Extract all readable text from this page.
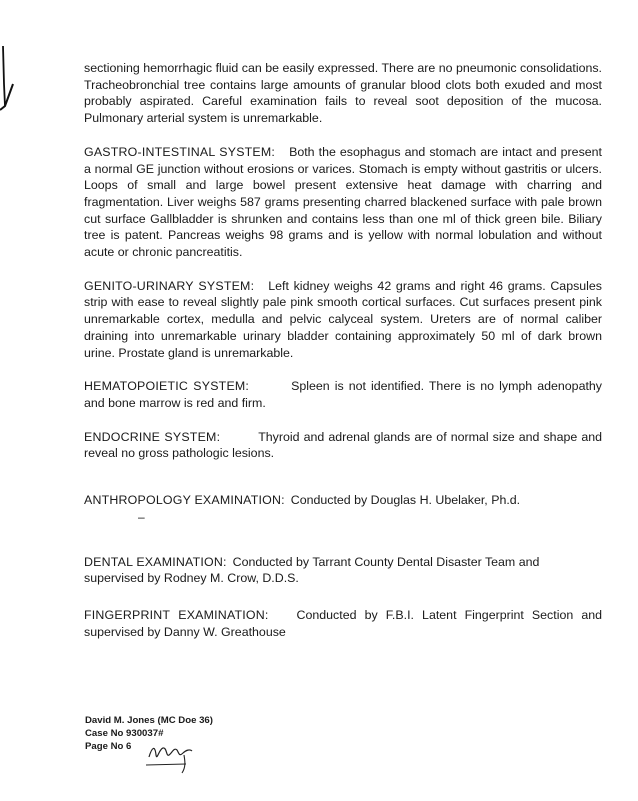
sectioning hemorrhagic fluid can be easily expressed. There are no pneumonic consolidations. Tracheobronchial tree contains large amounts of granular blood clots both exuded and most probably aspirated. Careful examination fails to reveal soot deposition of the mucosa. Pulmonary arterial system is unremarkable.

GASTRO-INTESTINAL SYSTEM: Both the esophagus and stomach are intact and present a normal GE junction without erosions or varices. Stomach is empty without gastritis or ulcers. Loops of small and large bowel present extensive heat damage with charring and fragmentation. Liver weighs 587 grams presenting charred blackened surface with pale brown cut surface Gallbladder is shrunken and contains less than one ml of thick green bile. Biliary tree is patent. Pancreas weighs 98 grams and is yellow with normal lobulation and without acute or chronic pancreatitis.

GENITO-URINARY SYSTEM: Left kidney weighs 42 grams and right 46 grams. Capsules strip with ease to reveal slightly pale pink smooth cortical surfaces. Cut surfaces present pink unremarkable cortex, medulla and pelvic calyceal system. Ureters are of normal caliber draining into unremarkable urinary bladder containing approximately 50 ml of dark brown urine. Prostate gland is unremarkable.

HEMATOPOIETIC SYSTEM:	Spleen is not identified. There is no lymph adenopathy and bone marrow is red and firm.

ENDOCRINE SYSTEM:	Thyroid and adrenal glands are of normal size and shape and reveal no gross pathologic lesions.

ANTHROPOLOGY EXAMINATION: Conducted by Douglas H. Ubelaker, Ph.d.
–

DENTAL EXAMINATION: Conducted by Tarrant County Dental Disaster Team and supervised by Rodney M. Crow, D.D.S.

FINGERPRINT EXAMINATION: Conducted by F.B.I. Latent Fingerprint Section and supervised by Danny W. Greathouse

David M. Jones (MC Doe 36)
Case No 930037#
Page No 6
